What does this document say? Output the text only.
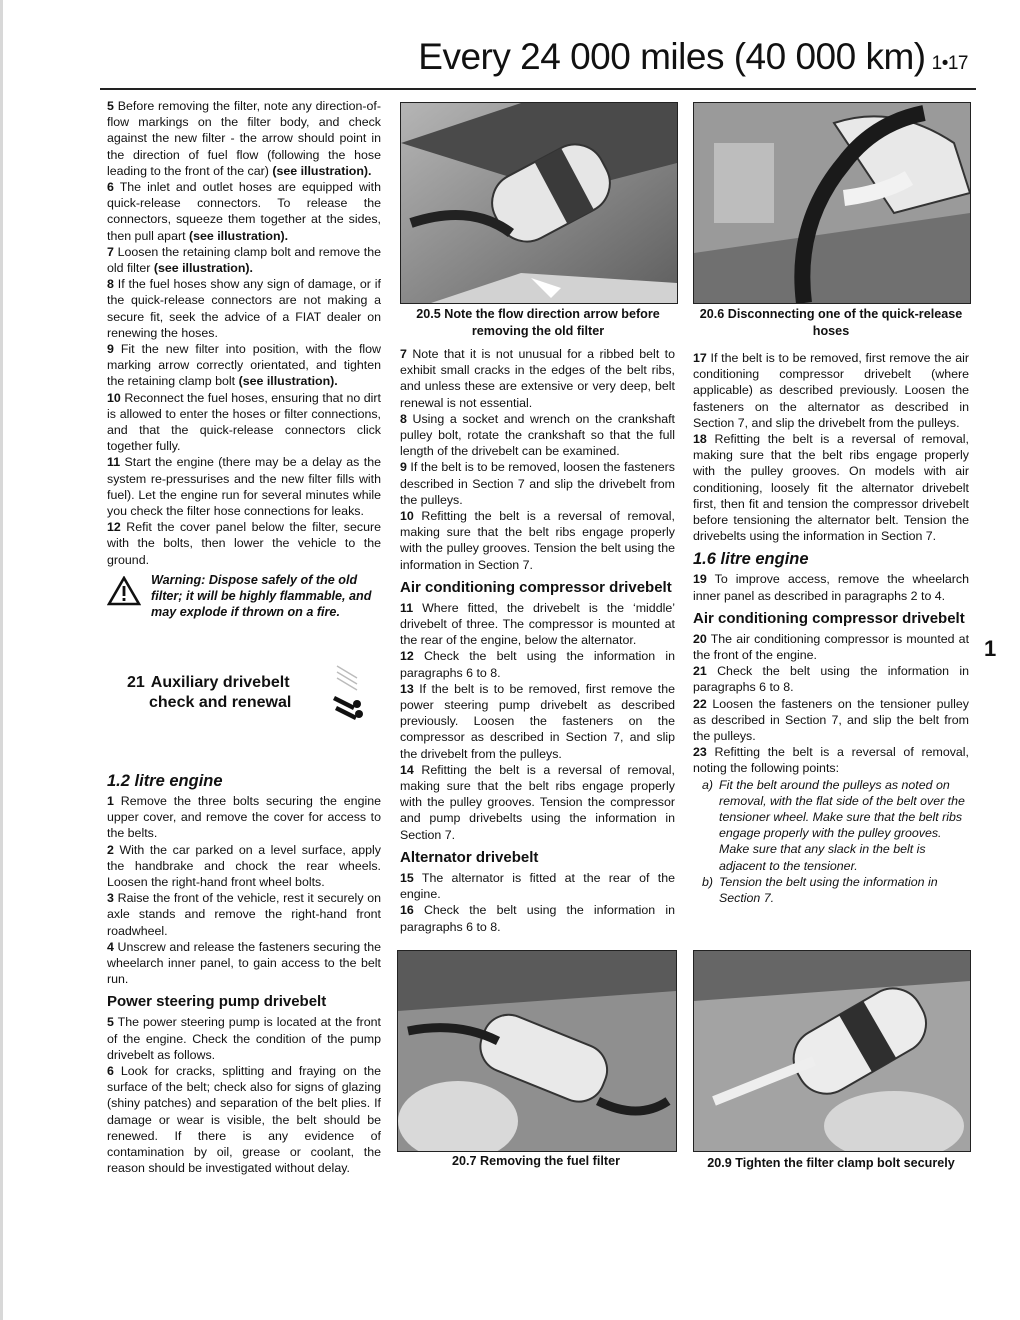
Every 24 000 miles (40 000 km) 1•17

5 Before removing the filter, note any direction-of-flow markings on the filter body, and check against the new filter - the arrow should point in the direction of fuel flow (following the hose leading to the front of the car) (see illustration).

6 The inlet and outlet hoses are equipped with quick-release connectors. To release the connectors, squeeze them together at the sides, then pull apart (see illustration).

7 Loosen the retaining clamp bolt and remove the old filter (see illustration).

8 If the fuel hoses show any sign of damage, or if the quick-release connectors are not making a secure fit, seek the advice of a FIAT dealer on renewing the hoses.

9 Fit the new filter into position, with the flow marking arrow correctly orientated, and tighten the retaining clamp bolt (see illustration).

10 Reconnect the fuel hoses, ensuring that no dirt is allowed to enter the hoses or filter connections, and that the quick-release connectors click together fully.

11 Start the engine (there may be a delay as the system re-pressurises and the new filter fills with fuel). Let the engine run for several minutes while you check the filter hose connections for leaks.

12 Refit the cover panel below the filter, secure with the bolts, then lower the vehicle to the ground.

Warning: Dispose safely of the old filter; it will be highly flammable, and may explode if thrown on a fire.
21 Auxiliary drivebelt
check and renewal
1.2 litre engine

1 Remove the three bolts securing the engine upper cover, and remove the cover for access to the belts.

2 With the car parked on a level surface, apply the handbrake and chock the rear wheels. Loosen the right-hand front wheel bolts.

3 Raise the front of the vehicle, rest it securely on axle stands and remove the right-hand front roadwheel.

4 Unscrew and release the fasteners securing the wheelarch inner panel, to gain access to the belt run.

Power steering pump drivebelt

5 The power steering pump is located at the front of the engine. Check the condition of the pump drivebelt as follows.

6 Look for cracks, splitting and fraying on the surface of the belt; check also for signs of glazing (shiny patches) and separation of the belt plies. If damage or wear is visible, the belt should be renewed. If there is any evidence of contamination by oil, grease or coolant, the reason should be investigated without delay.

20.5 Note the flow direction arrow before removing the old filter
20.6 Disconnecting one of the quick-release hoses

7 Note that it is not unusual for a ribbed belt to exhibit small cracks in the edges of the belt ribs, and unless these are extensive or very deep, belt renewal is not essential.

8 Using a socket and wrench on the crankshaft pulley bolt, rotate the crankshaft so that the full length of the drivebelt can be examined.

9 If the belt is to be removed, loosen the fasteners described in Section 7 and slip the drivebelt from the pulleys.

10 Refitting the belt is a reversal of removal, making sure that the belt ribs engage properly with the pulley grooves. Tension the belt using the information in Section 7.

Air conditioning compressor drivebelt

11 Where fitted, the drivebelt is the ‘middle’ drivebelt of three. The compressor is mounted at the rear of the engine, below the alternator.

12 Check the belt using the information in paragraphs 6 to 8.

13 If the belt is to be removed, first remove the power steering pump drivebelt as described previously. Loosen the fasteners on the compressor as described in Section 7, and slip the drivebelt from the pulleys.

14 Refitting the belt is a reversal of removal, making sure that the belt ribs engage properly with the pulley grooves. Tension the compressor and pump drivebelts using the information in Section 7.

Alternator drivebelt

15 The alternator is fitted at the rear of the engine.

16 Check the belt using the information in paragraphs 6 to 8.

17 If the belt is to be removed, first remove the air conditioning compressor drivebelt (where applicable) as described previously. Loosen the fasteners on the alternator as described in Section 7, and slip the drivebelt from the pulleys.

18 Refitting the belt is a reversal of removal, making sure that the belt ribs engage properly with the pulley grooves. On models with air conditioning, loosely fit the alternator drivebelt first, then fit and tension the compressor drivebelt before tensioning the alternator belt. Tension the drivebelts using the information in Section 7.

1.6 litre engine

19 To improve access, remove the wheelarch inner panel as described in paragraphs 2 to 4.

Air conditioning compressor drivebelt

20 The air conditioning compressor is mounted at the front of the engine.

21 Check the belt using the information in paragraphs 6 to 8.

22 Loosen the fasteners on the tensioner pulley as described in Section 7, and slip the belt from the pulleys.

23 Refitting the belt is a reversal of removal, noting the following points:

a) Fit the belt around the pulleys as noted on removal, with the flat side of the belt over the tensioner wheel. Make sure that the belt ribs engage properly with the pulley grooves. Make sure that any slack in the belt is adjacent to the tensioner.
b) Tension the belt using the information in Section 7.
1
20.7 Removing the fuel filter	20.9 Tighten the filter clamp bolt securely
